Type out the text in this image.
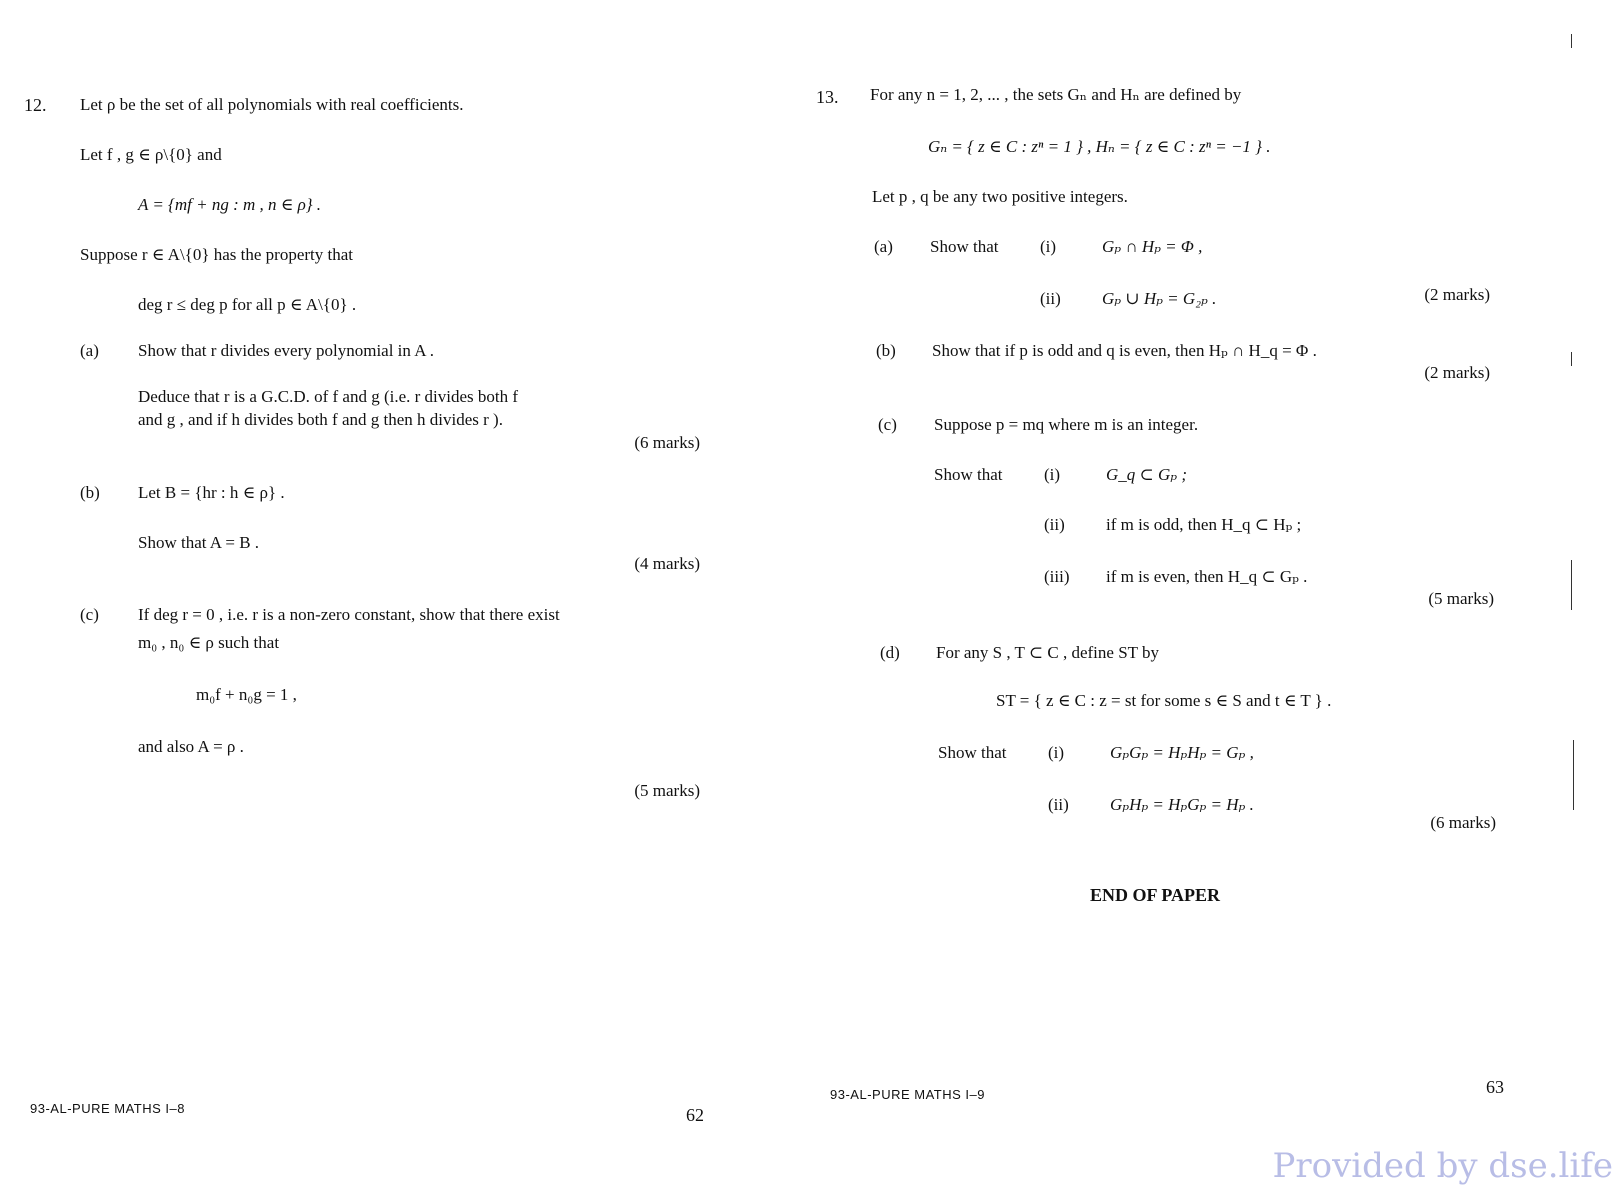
12. Let ρ be the set of all polynomials with real coefficients.
Let f , g ∈ ρ\{0} and
A = {mf + ng : m , n ∈ ρ} .
Suppose r ∈ A\{0} has the property that
deg r ≤ deg p for all p ∈ A\{0} .
(a) Show that r divides every polynomial in A .
Deduce that r is a G.C.D. of f and g (i.e. r divides both f
and g , and if h divides both f and g then h divides r ).
(6 marks)
(b) Let B = {hr : h ∈ ρ} .
Show that A = B .
(4 marks)
(c) If deg r = 0 , i.e. r is a non-zero constant, show that there exist
m₀ , n₀ ∈ ρ such that
m₀f + n₀g = 1 ,
and also A = ρ .
(5 marks)
93-AL-PURE MATHS I–8	62
13. For any n = 1, 2, ... , the sets Gₙ and Hₙ are defined by
Gₙ = { z ∈ C : zⁿ = 1 } , Hₙ = { z ∈ C : zⁿ = −1 } .
Let p , q be any two positive integers.
(a) Show that (i)	Gₚ ∩ Hₚ = Φ ,
(ii) Gₚ ∪ Hₚ = G₂ₚ .	(2 marks)
(b) Show that if p is odd and q is even, then Hₚ ∩ H_q = Φ .
(2 marks)
(c) Suppose p = mq where m is an integer.
Show that (i)	G_q ⊂ Gₚ ;
(ii) if m is odd, then H_q ⊂ Hₚ ;
(iii) if m is even, then H_q ⊂ Gₚ .
(5 marks)
(d) For any S , T ⊂ C , define ST by
ST = { z ∈ C : z = st for some s ∈ S and t ∈ T } .
Show that (i)	GₚGₚ = HₚHₚ = Gₚ ,
(ii) GₚHₚ = HₚGₚ = Hₚ .
(6 marks)
END OF PAPER
93-AL-PURE MATHS I–9	63
Provided by dse.life
